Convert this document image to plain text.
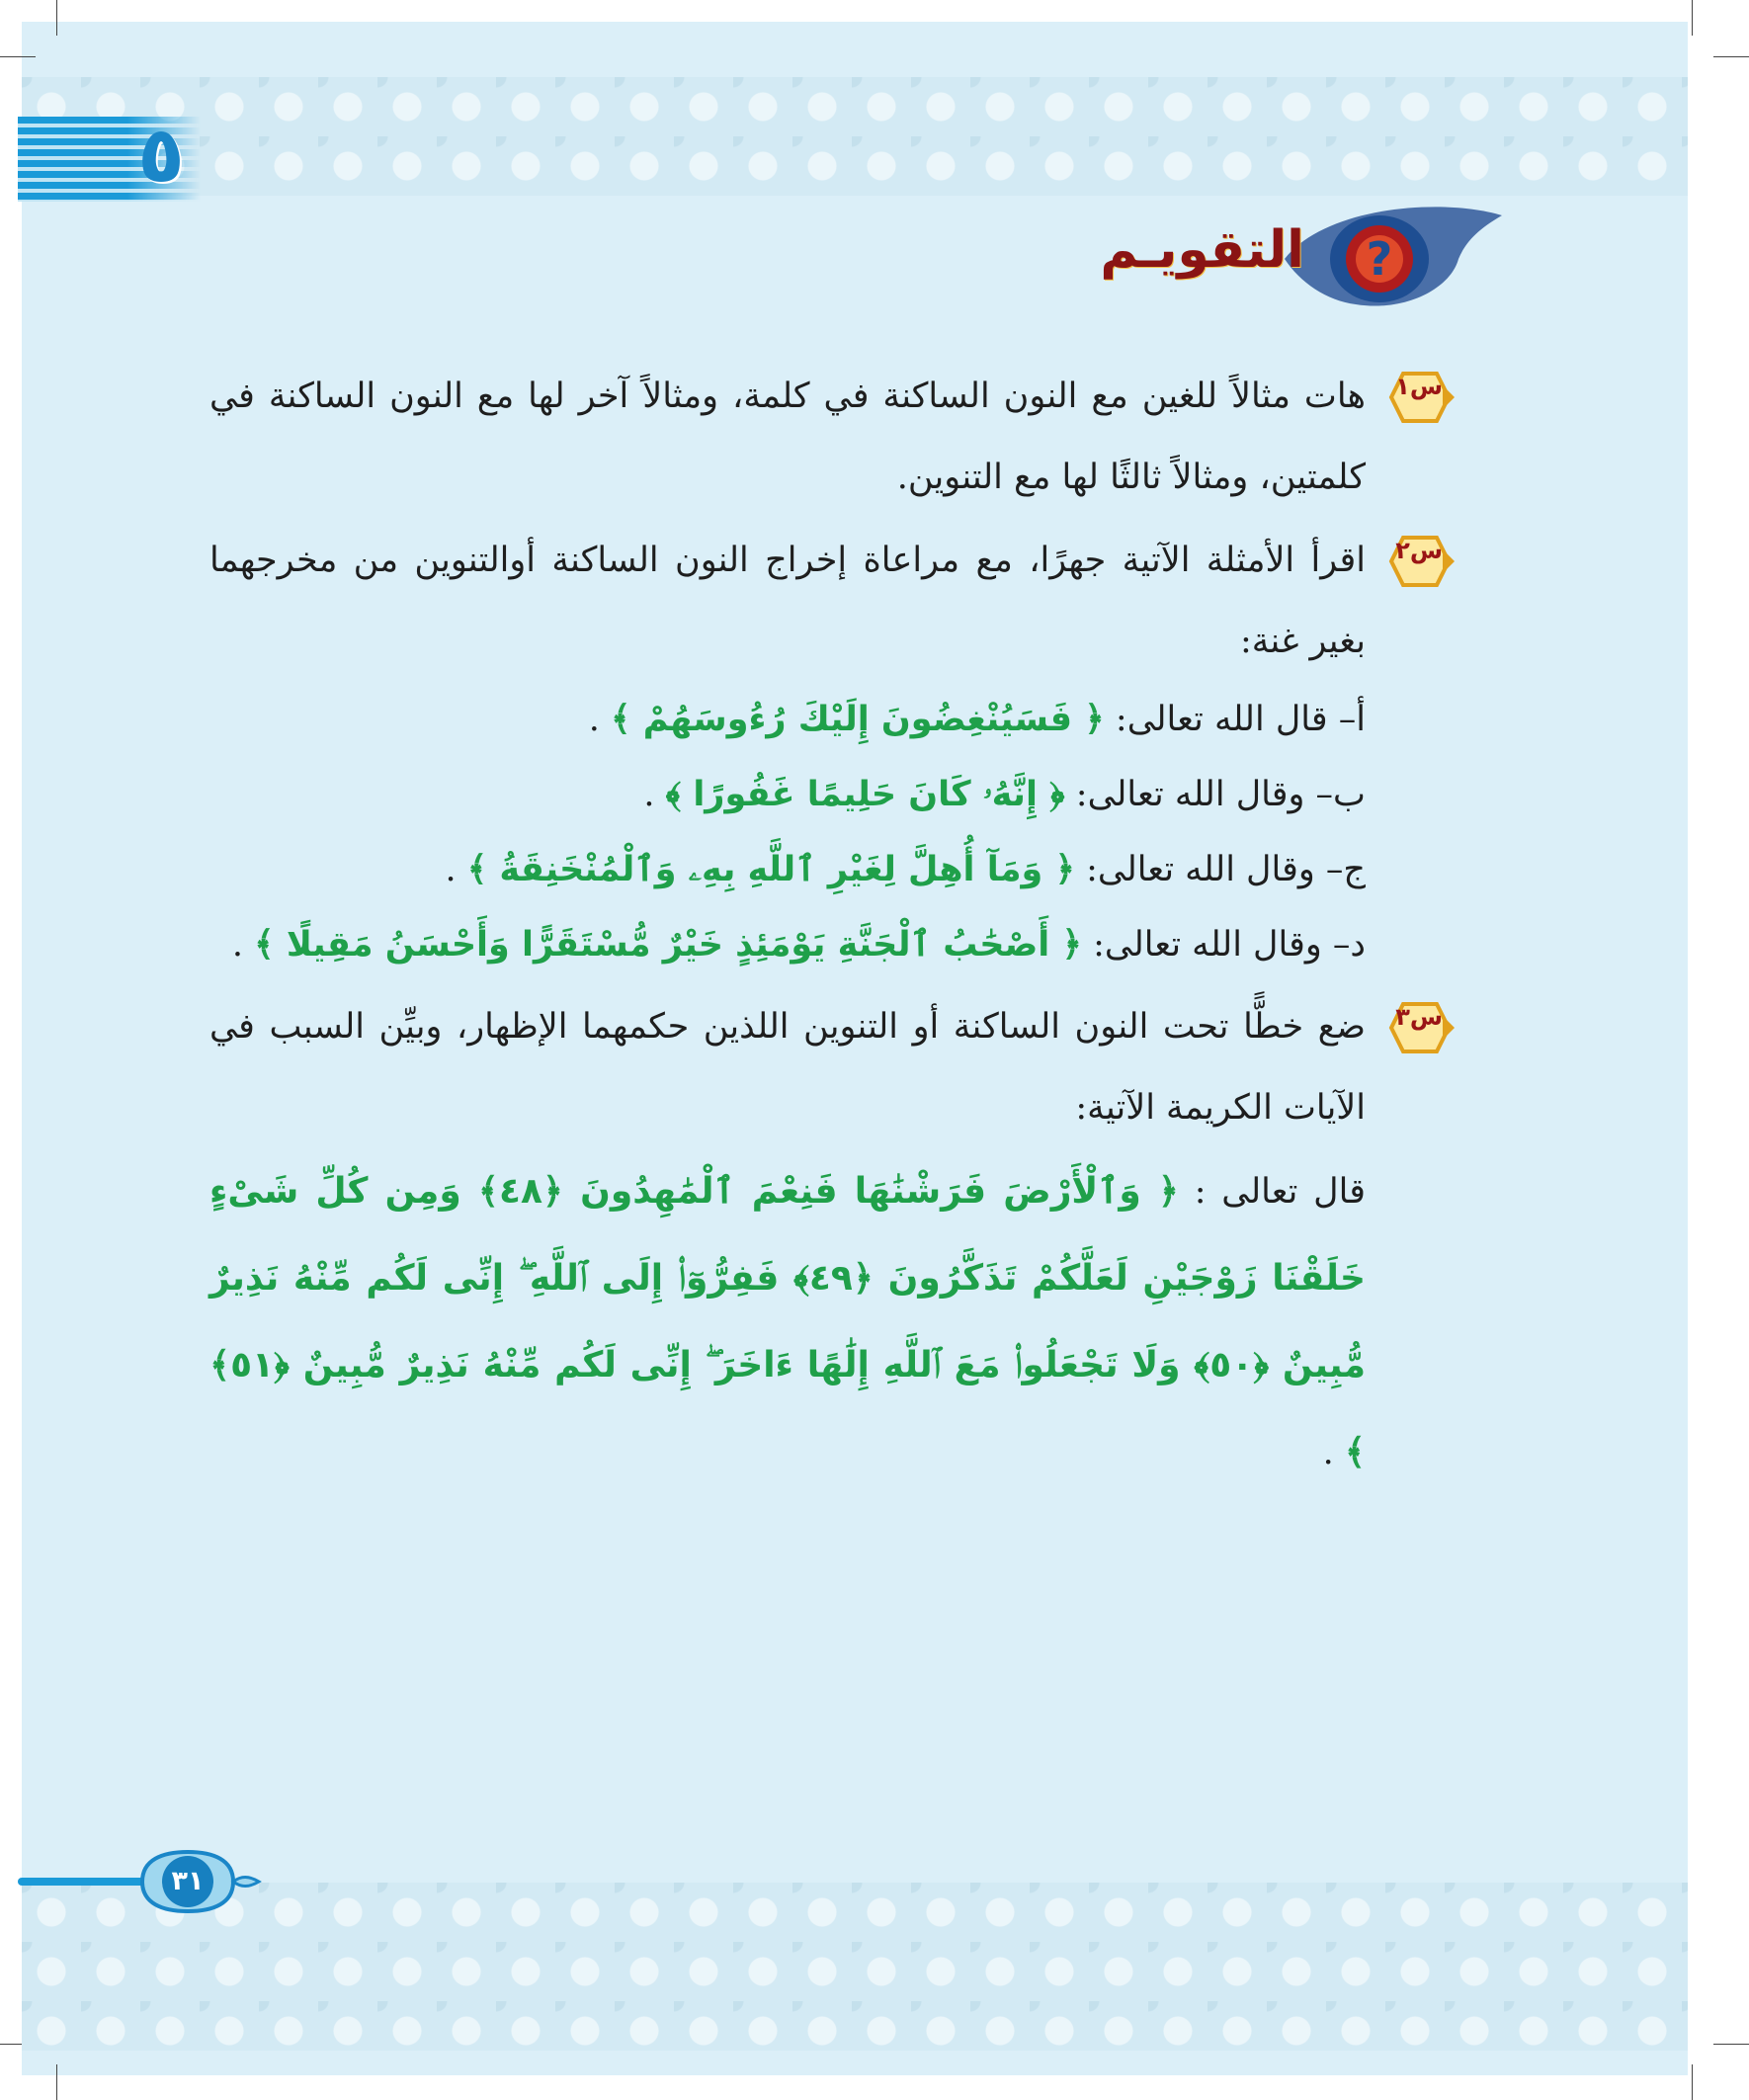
٥
?
التقويـم
س١
هات مثالاً للغين مع النون الساكنة في كلمة، ومثالاً آخر لها مع النون الساكنة في كلمتين، ومثالاً ثالثًا لها مع التنوين.
س٢
اقرأ الأمثلة الآتية جهرًا، مع مراعاة إخراج النون الساكنة أوالتنوين من مخرجهما بغير غنة:
أ– قال الله تعالى: ﴿ فَسَيُنْغِضُونَ إِلَيْكَ رُءُوسَهُمْ ﴾ .
ب– وقال الله تعالى: ﴿ إِنَّهُۥ كَانَ حَلِيمًا غَفُورًا ﴾ .
ج– وقال الله تعالى: ﴿ وَمَآ أُهِلَّ لِغَيْرِ ٱللَّهِ بِهِۦ وَٱلْمُنْخَنِقَةُ ﴾ .
د– وقال الله تعالى: ﴿ أَصْحَٰبُ ٱلْجَنَّةِ يَوْمَئِذٍ خَيْرٌ مُّسْتَقَرًّا وَأَحْسَنُ مَقِيلًا ﴾ .
س٣
ضع خطًّا تحت النون الساكنة أو التنوين اللذين حكمهما الإظهار، وبيِّن السبب في الآيات الكريمة الآتية:
قال تعالى : ﴿ وَٱلْأَرْضَ فَرَشْنَٰهَا فَنِعْمَ ٱلْمَٰهِدُونَ ﴿٤٨﴾ وَمِن كُلِّ شَىْءٍ خَلَقْنَا زَوْجَيْنِ لَعَلَّكُمْ تَذَكَّرُونَ ﴿٤٩﴾ فَفِرُّوٓا۟ إِلَى ٱللَّهِ ۖ إِنِّى لَكُم مِّنْهُ نَذِيرٌ مُّبِينٌ ﴿٥٠﴾ وَلَا تَجْعَلُوا۟ مَعَ ٱللَّهِ إِلَٰهًا ءَاخَرَ ۖ إِنِّى لَكُم مِّنْهُ نَذِيرٌ مُّبِينٌ ﴿٥١﴾ ﴾ .
٣١
